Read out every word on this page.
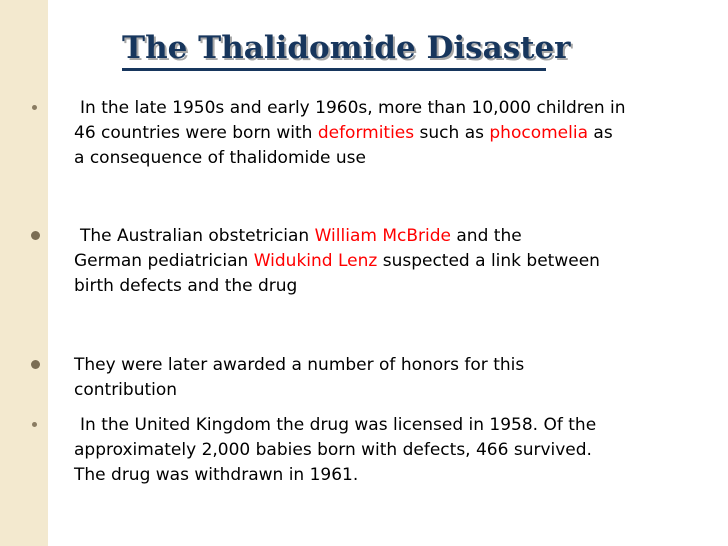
The Thalidomide Disaster
In the late 1950s and early 1960s, more than 10,000 children in
46 countries were born with deformities such as phocomelia as
a consequence of thalidomide use
The Australian obstetrician William McBride and the
German pediatrician Widukind Lenz suspected a link between
birth defects and the drug
They were later awarded a number of honors for this
contribution
In the United Kingdom the drug was licensed in 1958. Of the
approximately 2,000 babies born with defects, 466 survived.
The drug was withdrawn in 1961.
